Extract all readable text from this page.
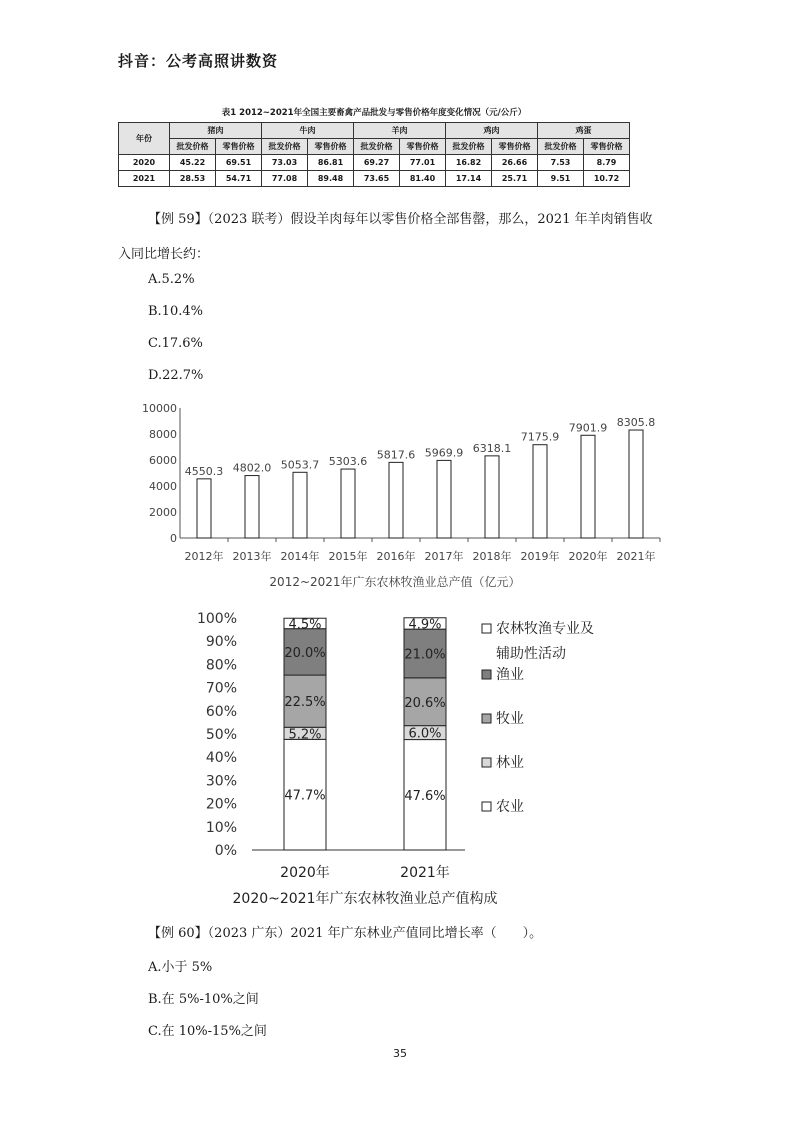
抖音：公考高照讲数资
表1 2012~2021年全国主要畜禽产品批发与零售价格年度变化情况（元/公斤）
年份	猪肉		牛肉		羊肉		鸡肉		鸡蛋	
	批发价格	零售价格	批发价格	零售价格	批发价格	零售价格	批发价格	零售价格	批发价格	零售价格
2020	45.22	69.51	73.03	86.81	69.27	77.01	16.82	26.66	7.53	8.79
2021	28.53	54.71	77.08	89.48	73.65	81.40	17.14	25.71	9.51	10.72
【例 59】（2023 联考）假设羊肉每年以零售价格全部售罄，那么，2021 年羊肉销售收
入同比增长约：
A.5.2%
B.10.4%
C.17.6%
D.22.7%
0
2000
4000
6000
8000
10000
2012年 2013年 2014年 2015年 2016年 2017年 2018年 2019年 2020年 2021年
4550.3 4802.0 5053.7 5303.6
5817.6 5969.9 6318.1
7175.9
7901.9 8305.8
2012~2021年广东农林牧渔业总产值（亿元）
0%
10%
20%
30%
40%
50%
60%
70%
80%
90%
100%
2020年	2021年
47.7%
5.2%
22.5%
20.0%
4.5%
47.6%
6.0%
20.6%
21.0%
4.9%	农林牧渔专业及
辅助性活动
渔业
牧业
林业
农业
2020~2021年广东农林牧渔业总产值构成
【例 60】（2023 广东）2021 年广东林业产值同比增长率（　　）。
A.小于 5%
B.在 5%-10%之间
C.在 10%-15%之间
35
